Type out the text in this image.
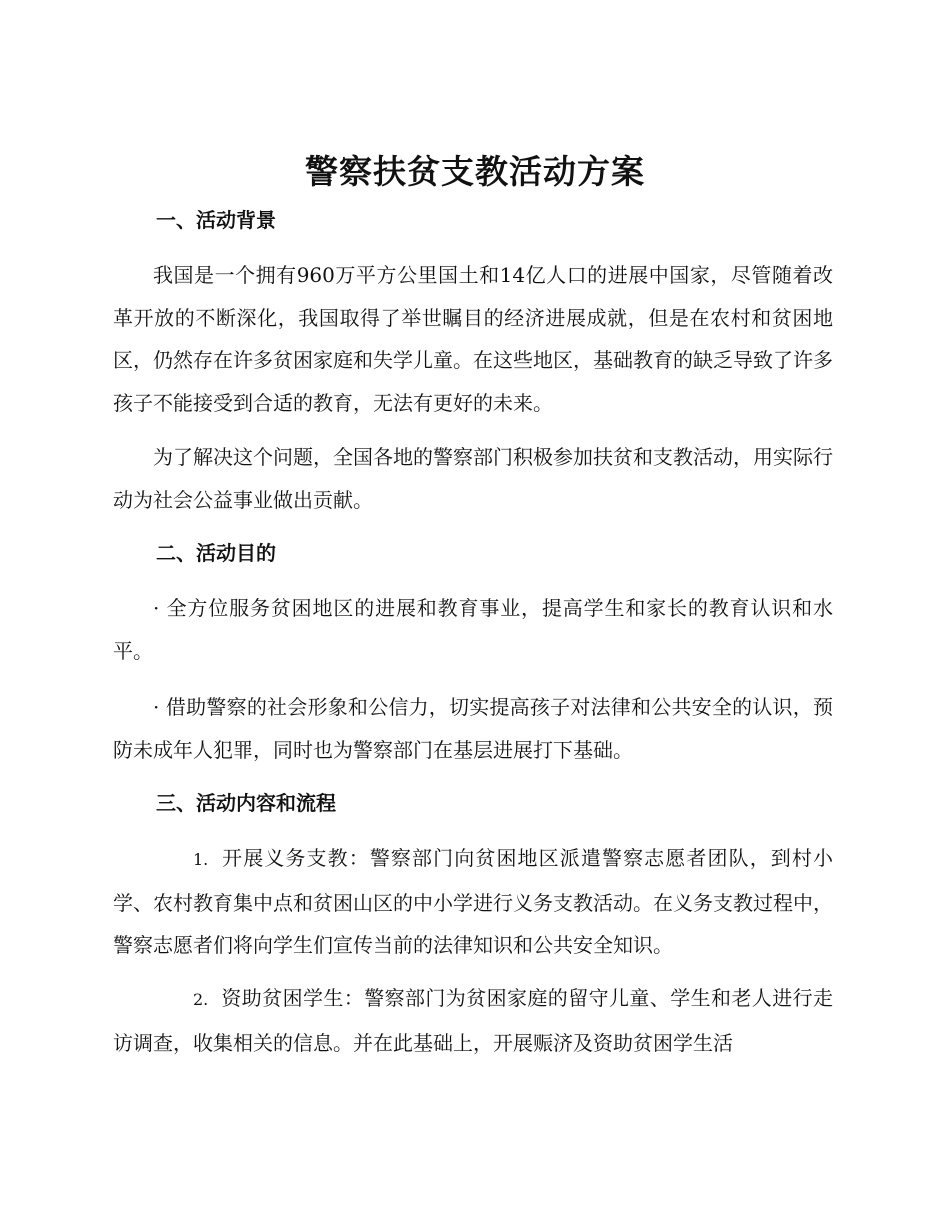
警察扶贫支教活动方案
一、活动背景

我国是一个拥有960万平方公里国土和14亿人口的进展中国家，尽管随着改革开放的不断深化，我国取得了举世瞩目的经济进展成就，但是在农村和贫困地区，仍然存在许多贫困家庭和失学儿童。在这些地区，基础教育的缺乏导致了许多孩子不能接受到合适的教育，无法有更好的未来。

为了解决这个问题，全国各地的警察部门积极参加扶贫和支教活动，用实际行动为社会公益事业做出贡献。

二、活动目的

· 全方位服务贫困地区的进展和教育事业，提高学生和家长的教育认识和水平。

· 借助警察的社会形象和公信力，切实提高孩子对法律和公共安全的认识，预防未成年人犯罪，同时也为警察部门在基层进展打下基础。

三、活动内容和流程

1. 开展义务支教：警察部门向贫困地区派遣警察志愿者团队，到村小学、农村教育集中点和贫困山区的中小学进行义务支教活动。在义务支教过程中，警察志愿者们将向学生们宣传当前的法律知识和公共安全知识。

2. 资助贫困学生：警察部门为贫困家庭的留守儿童、学生和老人进行走访调查，收集相关的信息。并在此基础上，开展赈济及资助贫困学生活
